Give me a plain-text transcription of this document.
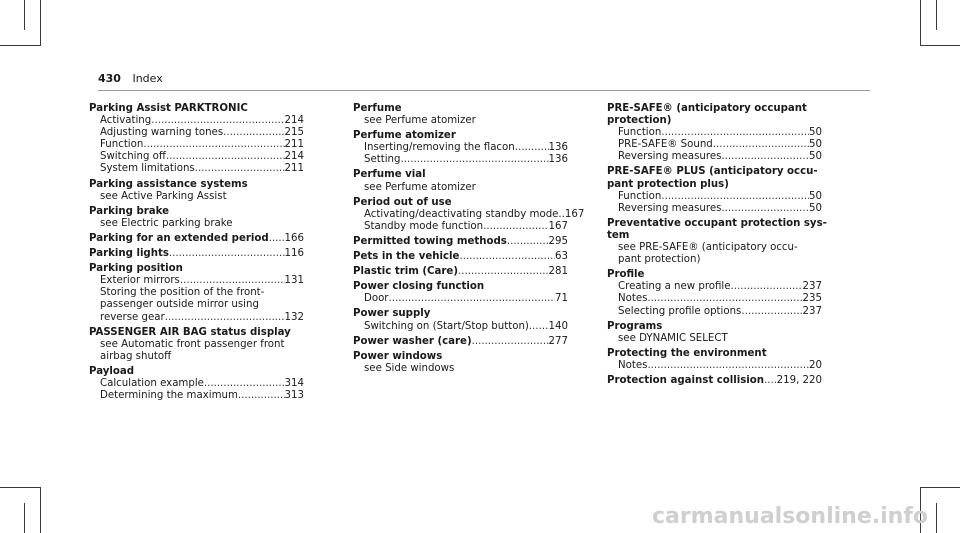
430 Index
Parking Assist PARKTRONIC
Activating .....	214
Adjusting warning tones .....	215
Function .....	211
Switching off .....	214
System limitations .....	211
Parking assistance systems
see Active Parking Assist
Parking brake
see Electric parking brake
Parking for an extended period ..... 166
Parking lights .....	116
Parking position
Exterior mirrors .....	131
Storing the position of the front-
passenger outside mirror using
reverse gear .....	132
PASSENGER AIR BAG status display
see Automatic front passenger front
airbag shutoff
Payload
Calculation example .....	314
Determining the maximum .....	313
Perfume
see Perfume atomizer
Perfume atomizer
Inserting/removing the flacon .....	136
Setting .....	136
Perfume vial
see Perfume atomizer
Period out of use
Activating/deactivating standby mode.. 167
Standby mode function .....	167
Permitted towing methods .....	295
Pets in the vehicle .....	63
Plastic trim (Care) .....	281
Power closing function
Door .....	71
Power supply
Switching on (Start/Stop button) ..... 140
Power washer (care) .....	277
Power windows
see Side windows
PRE-SAFE® (anticipatory occupant
protection)
Function .....	50
PRE-SAFE® Sound .....	50
Reversing measures .....	50
PRE-SAFE® PLUS (anticipatory occu-
pant protection plus)
Function .....	50
Reversing measures .....	50
Preventative occupant protection sys-
tem
see PRE-SAFE® (anticipatory occu-
pant protection)
Profile
Creating a new profile .....	237
Notes .....	235
Selecting profile options .....	237
Programs
see DYNAMIC SELECT
Protecting the environment
Notes .....	20
Protection against collision ..... 219, 220
carmanualsonline.info
